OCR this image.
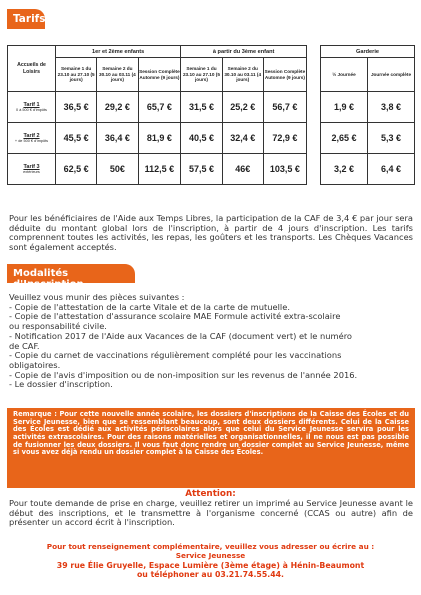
Tarifs
Accueils de Loisirs	1er et 2ème enfants			à partir du 3ème enfant		
	Semaine 1 du 23.10 au 27.10 (5 jours)	Semaine 2 du 30.10 au 03.11 (4 jours)	Session Complète Automne (9 jours)	Semaine 1 du 23.10 au 27.10 (5 jours)	Semaine 2 du 30.10 au 03.11 (4 jours)	Session Complète Automne (9 jours)

Tarif 1
0 à 500 € d'impôts	36,5 €	29,2 €	65,7 €	31,5 €	25,2 €	56,7 €

Tarif 2
+ de 500 € d'impôts	45,5 €	36,4 €	81,9 €	40,5 €	32,4 €	72,9 €

Tarif 3
extérieurs	62,5 €	50€	112,5 €	57,5 €	46€	103,5 €
Garderie	
½ Journée	Journée complète
1,9 €	3,8 €
2,65 €	5,3 €
3,2 €	6,4 €

Pour les bénéficiaires de l'Aide aux Temps Libres, la participation de la CAF de 3,4 € par jour sera déduite du montant global lors de l'inscription, à partir de 4 jours d'inscription. Les tarifs comprennent toutes les activités, les repas, les goûters et les transports. Les Chèques Vacances sont également acceptés.

Modalités d'Inscription
Veuillez vous munir des pièces suivantes :
- Copie de l'attestation de la carte Vitale et de la carte de mutuelle.
- Copie de l'attestation d'assurance scolaire MAE Formule activité extra-scolaire
ou responsabilité civile.
- Notification 2017 de l'Aide aux Vacances de la CAF (document vert) et le numéro
de CAF.
- Copie du carnet de vaccinations régulièrement complété pour les vaccinations
obligatoires.
- Copie de l'avis d'imposition ou de non-imposition sur les revenus de l'année 2016.
- Le dossier d'inscription.
Remarque : Pour cette nouvelle année scolaire, les dossiers d'inscriptions de la Caisse des Écoles et du Service Jeunesse, bien que se ressemblant beaucoup, sont deux dossiers différents. Celui de la Caisse des Écoles est dédié aux activités périscolaires alors que celui du Service Jeunesse servira pour les activités extrascolaires. Pour des raisons matérielles et organisationnelles, il ne nous est pas possible de fusionner les deux dossiers. Il vous faut donc rendre un dossier complet au Service Jeunesse, même si vous avez déjà rendu un dossier complet à la Caisse des Écoles.
Attention:

Pour toute demande de prise en charge, veuillez retirer un imprimé au Service Jeunesse avant le début des inscriptions, et le transmettre à l'organisme concerné (CCAS ou autre) afin de présenter un accord écrit à l'inscription.

Pour tout renseignement complémentaire, veuillez vous adresser ou écrire au :
Service Jeunesse
39 rue Élie Gruyelle, Espace Lumière (3ème étage) à Hénin-Beaumont
ou téléphoner au 03.21.74.55.44.
